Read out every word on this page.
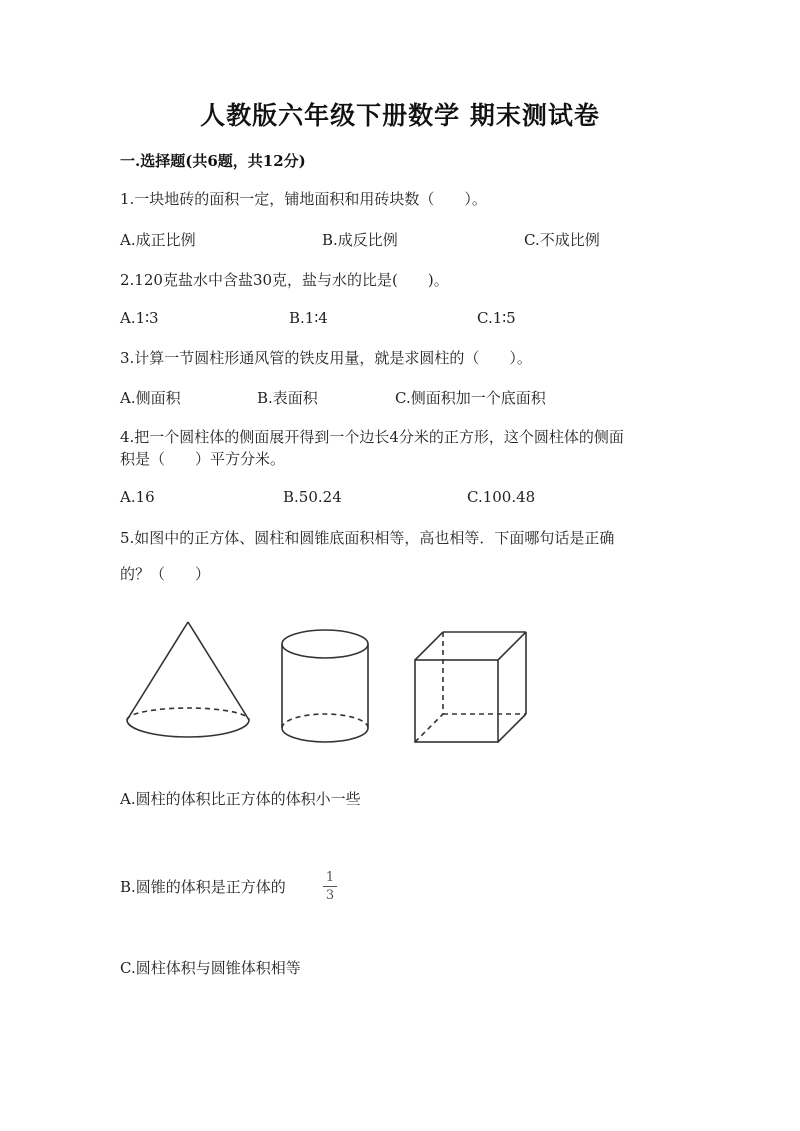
人教版六年级下册数学 期末测试卷
一.选择题(共6题，共12分)
1.一块地砖的面积一定，铺地面积和用砖块数（　　）。
A.成正比例	B.成反比例	C.不成比例
2.120克盐水中含盐30克，盐与水的比是(　　)。
A.1∶3	B.1∶4	C.1∶5
3.计算一节圆柱形通风管的铁皮用量，就是求圆柱的（　　）。
A.侧面积	B.表面积	C.侧面积加一个底面积
4.把一个圆柱体的侧面展开得到一个边长4分米的正方形，这个圆柱体的侧面
积是（　　）平方分米。
A.16	B.50.24	C.100.48
5.如图中的正方体、圆柱和圆锥底面积相等，高也相等．下面哪句话是正确
的？（　　）
A.圆柱的体积比正方体的体积小一些
B.圆锥的体积是正方体的
1
3
C.圆柱体积与圆锥体积相等
